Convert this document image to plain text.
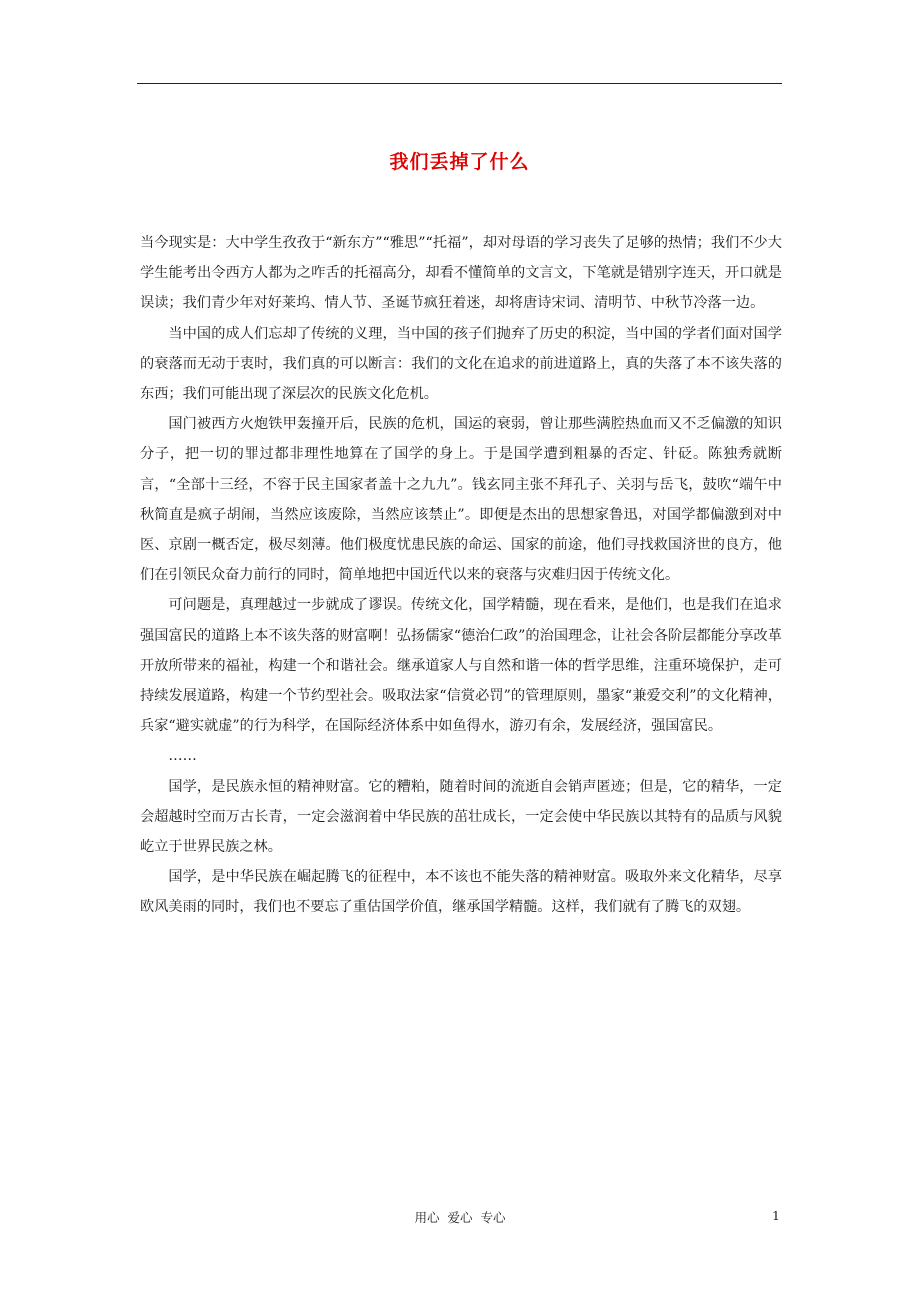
我们丢掉了什么

当今现实是：大中学生孜孜于“新东方”“雅思”“托福”，却对母语的学习丧失了足够的热情；我们不少大学生能考出令西方人都为之咋舌的托福高分，却看不懂简单的文言文，下笔就是错别字连天，开口就是误读；我们青少年对好莱坞、情人节、圣诞节疯狂着迷，却将唐诗宋词、清明节、中秋节冷落一边。

当中国的成人们忘却了传统的义理，当中国的孩子们抛弃了历史的积淀，当中国的学者们面对国学的衰落而无动于衷时，我们真的可以断言：我们的文化在追求的前进道路上，真的失落了本不该失落的东西；我们可能出现了深层次的民族文化危机。

国门被西方火炮铁甲轰撞开后，民族的危机，国运的衰弱，曾让那些满腔热血而又不乏偏激的知识分子，把一切的罪过都非理性地算在了国学的身上。于是国学遭到粗暴的否定、针砭。陈独秀就断言，“全部十三经，不容于民主国家者盖十之九九”。钱玄同主张不拜孔子、关羽与岳飞，鼓吹“端午中秋简直是疯子胡闹，当然应该废除，当然应该禁止”。即便是杰出的思想家鲁迅，对国学都偏激到对中医、京剧一概否定，极尽刻薄。他们极度忧患民族的命运、国家的前途，他们寻找救国济世的良方，他们在引领民众奋力前行的同时，简单地把中国近代以来的衰落与灾难归因于传统文化。

可问题是，真理越过一步就成了谬误。传统文化，国学精髓，现在看来，是他们，也是我们在追求强国富民的道路上本不该失落的财富啊！弘扬儒家“德治仁政”的治国理念，让社会各阶层都能分享改革开放所带来的福祉，构建一个和谐社会。继承道家人与自然和谐一体的哲学思维，注重环境保护，走可持续发展道路，构建一个节约型社会。吸取法家“信赏必罚”的管理原则，墨家“兼爱交利”的文化精神，兵家“避实就虚”的行为科学，在国际经济体系中如鱼得水，游刃有余，发展经济，强国富民。

……

国学，是民族永恒的精神财富。它的糟粕，随着时间的流逝自会销声匿迹；但是，它的精华，一定会超越时空而万古长青，一定会滋润着中华民族的茁壮成长，一定会使中华民族以其特有的品质与风貌屹立于世界民族之林。

国学，是中华民族在崛起腾飞的征程中，本不该也不能失落的精神财富。吸取外来文化精华，尽享欧风美雨的同时，我们也不要忘了重估国学价值，继承国学精髓。这样，我们就有了腾飞的双翅。

用心 爱心 专心	1
